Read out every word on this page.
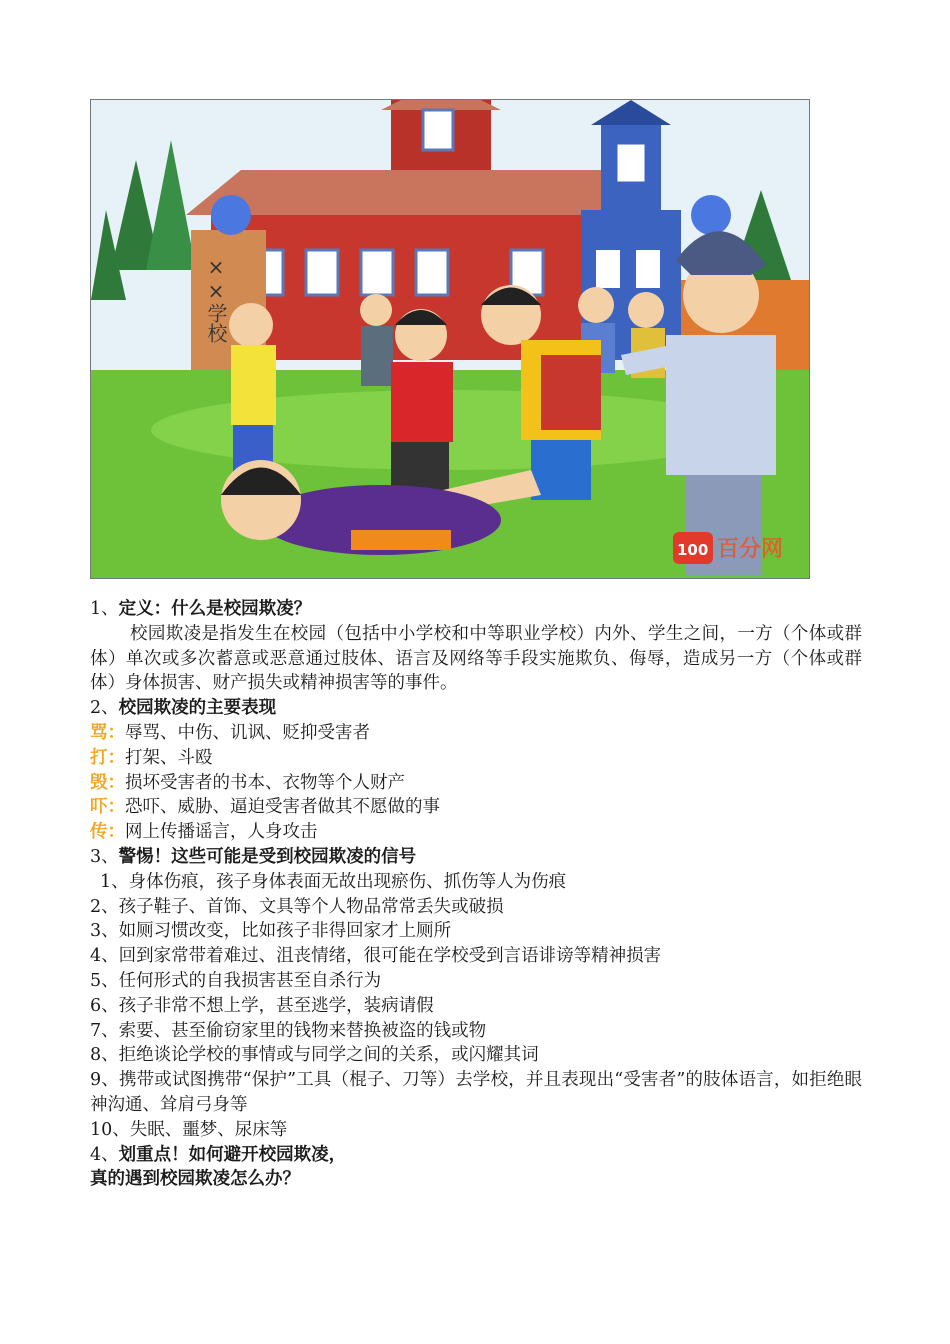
××学校
100 百分网
1、定义：什么是校园欺凌？
校园欺凌是指发生在校园（包括中小学校和中等职业学校）内外、学生之间，一方（个体或群体）单次或多次蓄意或恶意通过肢体、语言及网络等手段实施欺负、侮辱，造成另一方（个体或群体）身体损害、财产损失或精神损害等的事件。
2、校园欺凌的主要表现
骂：辱骂、中伤、讥讽、贬抑受害者
打：打架、斗殴
毁：损坏受害者的书本、衣物等个人财产
吓：恐吓、威胁、逼迫受害者做其不愿做的事
传：网上传播谣言，人身攻击
3、警惕！这些可能是受到校园欺凌的信号
1、身体伤痕，孩子身体表面无故出现瘀伤、抓伤等人为伤痕
2、孩子鞋子、首饰、文具等个人物品常常丢失或破损
3、如厕习惯改变，比如孩子非得回家才上厕所
4、回到家常带着难过、沮丧情绪，很可能在学校受到言语诽谤等精神损害
5、任何形式的自我损害甚至自杀行为
6、孩子非常不想上学，甚至逃学，装病请假
7、索要、甚至偷窃家里的钱物来替换被盗的钱或物
8、拒绝谈论学校的事情或与同学之间的关系，或闪耀其词
9、携带或试图携带“保护”工具（棍子、刀等）去学校，并且表现出“受害者”的肢体语言，如拒绝眼神沟通、耸肩弓身等
10、失眠、噩梦、尿床等
4、划重点！如何避开校园欺凌，
真的遇到校园欺凌怎么办？
